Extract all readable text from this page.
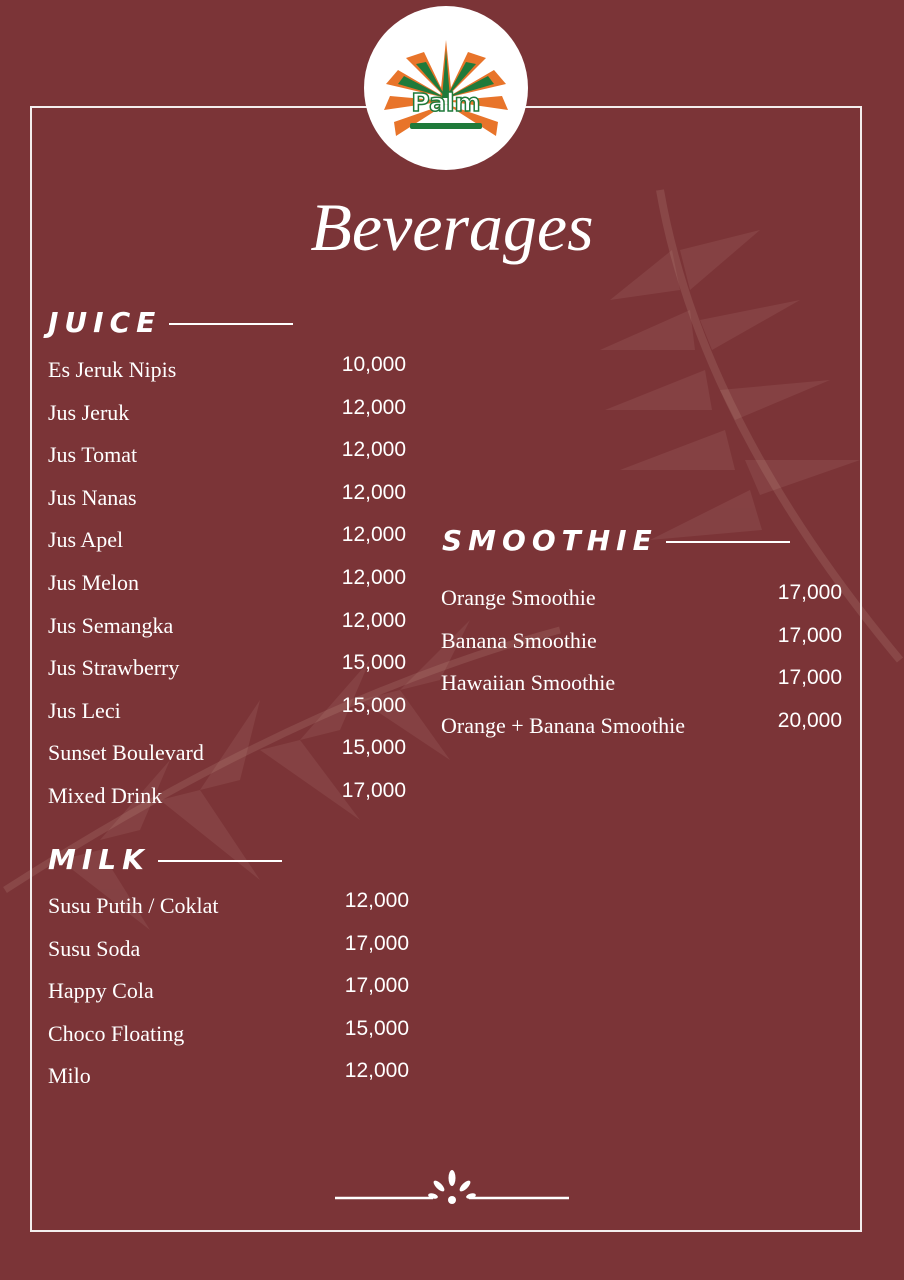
Palm
Beverages
JUICE
Es Jeruk Nipis	10,000
Jus Jeruk	12,000
Jus Tomat	12,000
Jus Nanas	12,000
Jus Apel	12,000
Jus Melon	12,000
Jus Semangka	12,000
Jus Strawberry	15,000
Jus Leci	15,000
Sunset Boulevard	15,000
Mixed Drink	17,000
MILK
Susu Putih / Coklat	12,000
Susu Soda	17,000
Happy Cola	17,000
Choco Floating	15,000
Milo	12,000
SMOOTHIE
Orange Smoothie	17,000
Banana Smoothie	17,000
Hawaiian Smoothie	17,000
Orange + Banana Smoothie	20,000
